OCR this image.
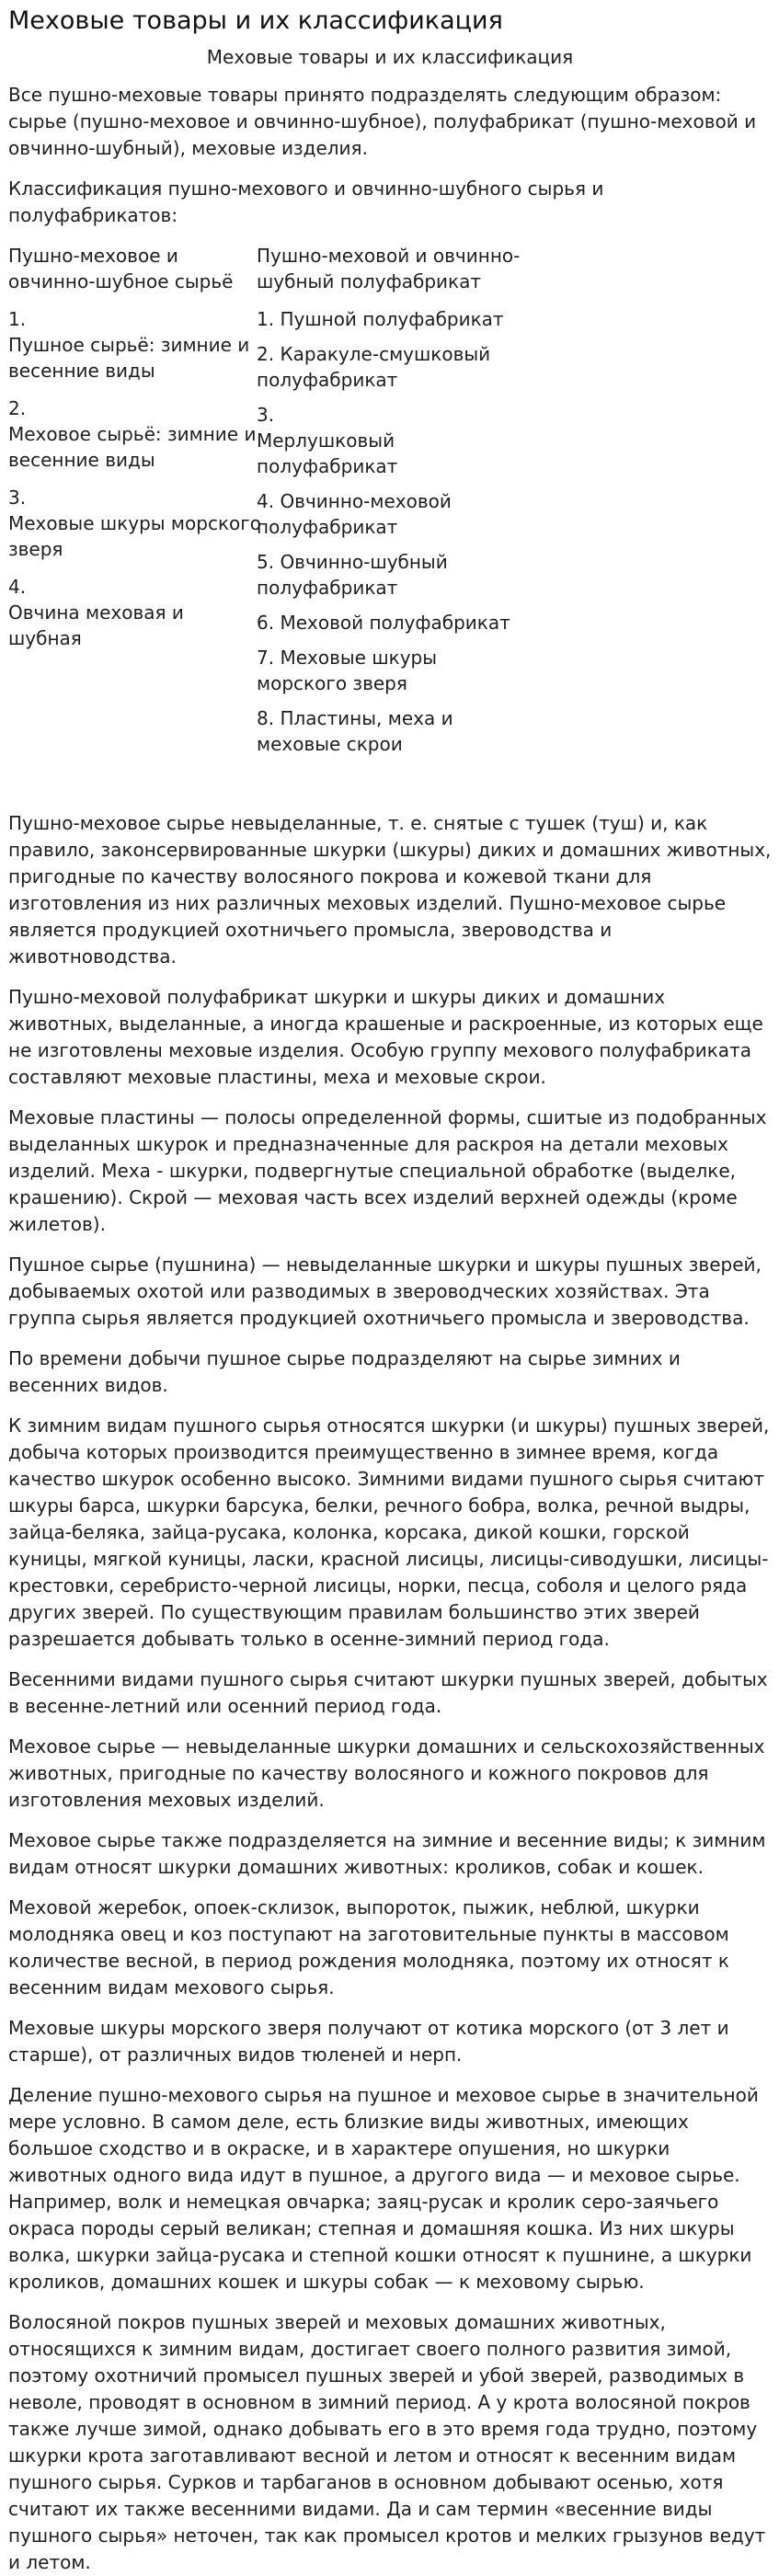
Меховые товары и их классификация
Меховые товары и их классификация

Все пушно-меховые товары принято подразделять следующим образом: сырье (пушно-меховое и овчинно-шубное), полуфабрикат (пушно-меховой и овчинно-шубный), меховые изделия.

Классификация пушно-мехового и овчинно-шубного сырья и полуфабрикатов:

Пушно-меховое и овчинно-шубное сырьё
1.
Пушное сырьё: зимние и весенние виды
2.
Меховое сырьё: зимние и весенние виды
3.
Меховые шкуры морского зверя
4.
Овчина меховая и шубная
Пушно-меховой и овчинно-шубный полуфабрикат
1. Пушной полуфабрикат
2. Каракуле-смушковый полуфабрикат
3.
Мерлушковый полуфабрикат
4. Овчинно-меховой полуфабрикат
5. Овчинно-шубный полуфабрикат
6. Меховой полуфабрикат
7. Меховые шкуры морского зверя
8. Пластины, меха и меховые скрои

Пушно-меховое сырье невыделанные, т. е. снятые с тушек (туш) и, как правило, законсервированные шкурки (шкуры) диких и домашних животных, пригодные по качеству волосяного покрова и кожевой ткани для изготовления из них различных меховых изделий. Пушно-меховое сырье является продукцией охотничьего промысла, звероводства и животноводства.

Пушно-меховой полуфабрикат шкурки и шкуры диких и домашних животных, выделанные, а иногда крашеные и раскроенные, из которых еще не изготовлены меховые изделия. Особую группу мехового полуфабриката составляют меховые пластины, меха и меховые скрои.

Меховые пластины — полосы определенной формы, сшитые из подобранных выделанных шкурок и предназначенные для раскроя на детали меховых изделий. Меха - шкурки, подвергнутые специальной обработке (выделке, крашению). Скрой — меховая часть всех изделий верхней одежды (кроме жилетов).

Пушное сырье (пушнина) — невыделанные шкурки и шкуры пушных зверей, добываемых охотой или разводимых в звероводческих хозяйствах. Эта группа сырья является продукцией охотничьего промысла и звероводства.

По времени добычи пушное сырье подразделяют на сырье зимних и весенних видов.

К зимним видам пушного сырья относятся шкурки (и шкуры) пушных зверей, добыча которых производится преимущественно в зимнее время, когда качество шкурок особенно высоко. Зимними видами пушного сырья считают шкуры барса, шкурки барсука, белки, речного бобра, волка, речной выдры, зайца-беляка, зайца-русака, колонка, корсака, дикой кошки, горской куницы, мягкой куницы, ласки, красной лисицы, лисицы-сиводушки, лисицы-крестовки, серебристо-черной лисицы, норки, песца, соболя и целого ряда других зверей. По существующим правилам большинство этих зверей разрешается добывать только в осенне-зимний период года.

Весенними видами пушного сырья считают шкурки пушных зверей, добытых в весенне-летний или осенний период года.

Меховое сырье — невыделанные шкурки домашних и сельскохозяйственных животных, пригодные по качеству волосяного и кожного покровов для изготовления меховых изделий.

Меховое сырье также подразделяется на зимние и весенние виды; к зимним видам относят шкурки домашних животных: кроликов, собак и кошек.

Меховой жеребок, опоек-склизок, выпороток, пыжик, неблюй, шкурки молодняка овец и коз поступают на заготовительные пункты в массовом количестве весной, в период рождения молодняка, поэтому их относят к весенним видам мехового сырья.

Меховые шкуры морского зверя получают от котика морского (от 3 лет и старше), от различных видов тюленей и нерп.

Деление пушно-мехового сырья на пушное и меховое сырье в значительной мере условно. В самом деле, есть близкие виды животных, имеющих большое сходство и в окраске, и в характере опушения, но шкурки животных одного вида идут в пушное, а другого вида — и меховое сырье. Например, волк и немецкая овчарка; заяц-русак и кролик серо-заячьего окраса породы серый великан; степная и домашняя кошка. Из них шкуры волка, шкурки зайца-русака и степной кошки относят к пушнине, а шкурки кроликов, домашних кошек и шкуры собак — к меховому сырью.

Волосяной покров пушных зверей и меховых домашних животных, относящихся к зимним видам, достигает своего полного развития зимой, поэтому охотничий промысел пушных зверей и убой зверей, разводимых в неволе, проводят в основном в зимний период. А у крота волосяной покров также лучше зимой, однако добывать его в это время года трудно, поэтому шкурки крота заготавливают весной и летом и относят к весенним видам пушного сырья. Сурков и тарбаганов в основном добывают осенью, хотя считают их также весенними видами. Да и сам термин «весенние виды пушного сырья» неточен, так как промысел кротов и мелких грызунов ведут и летом.
